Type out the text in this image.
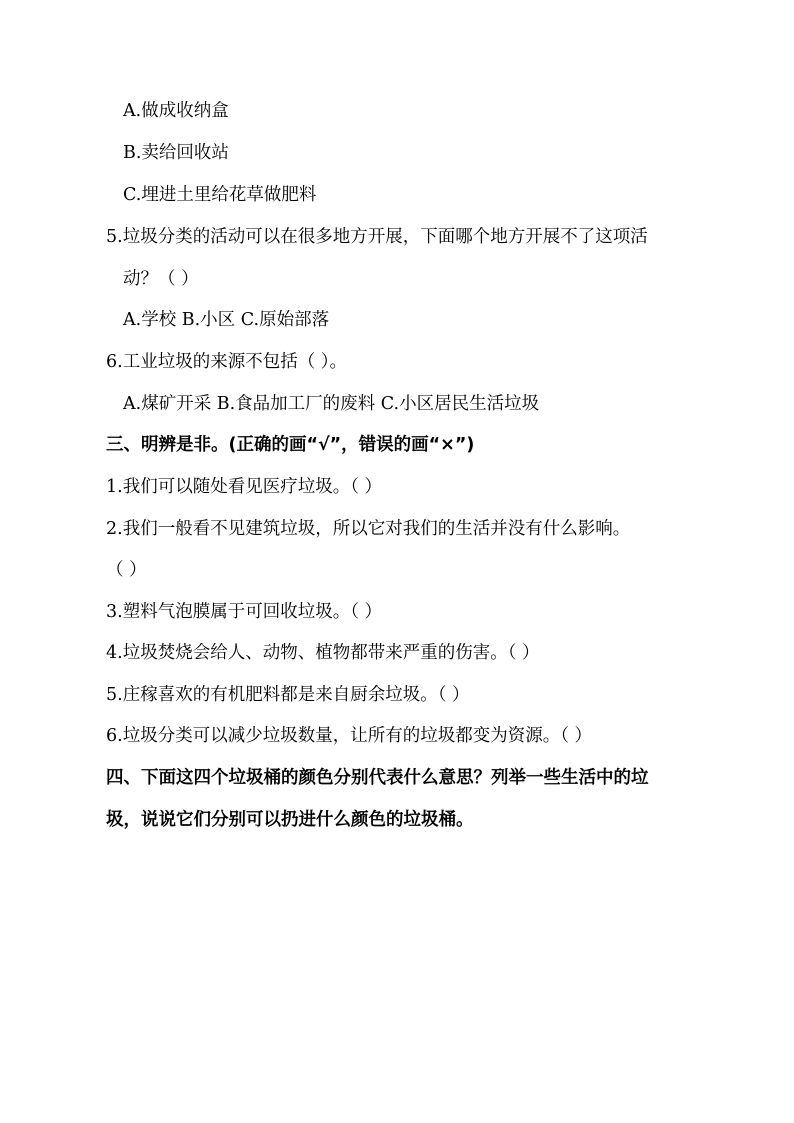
A.做成收纳盒
B.卖给回收站
C.埋进土里给花草做肥料
5.垃圾分类的活动可以在很多地方开展，下面哪个地方开展不了这项活
动？（ ）
A.学校 B.小区 C.原始部落
6.工业垃圾的来源不包括（ ）。
A.煤矿开采 B.食品加工厂的废料 C.小区居民生活垃圾
三、明辨是非。(正确的画“√”，错误的画“×”)
1.我们可以随处看见医疗垃圾。（ ）
2.我们一般看不见建筑垃圾，所以它对我们的生活并没有什么影响。
（ ）
3.塑料气泡膜属于可回收垃圾。（ ）
4.垃圾焚烧会给人、动物、植物都带来严重的伤害。（ ）
5.庄稼喜欢的有机肥料都是来自厨余垃圾。（ ）
6.垃圾分类可以减少垃圾数量，让所有的垃圾都变为资源。（ ）
四、下面这四个垃圾桶的颜色分别代表什么意思？列举一些生活中的垃
圾，说说它们分别可以扔进什么颜色的垃圾桶。
